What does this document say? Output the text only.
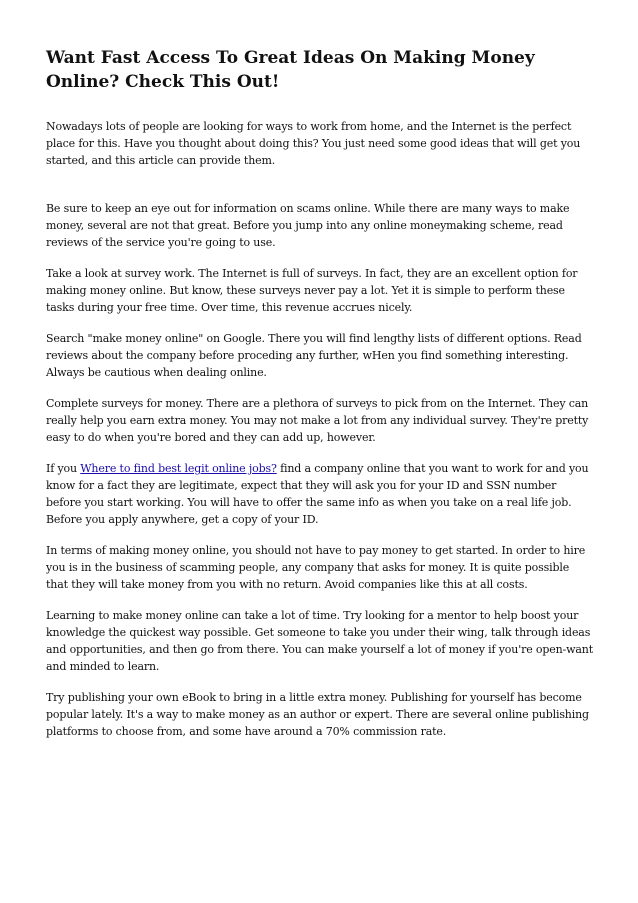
Want Fast Access To Great Ideas On Making Money Online? Check This Out!

Nowadays lots of people are looking for ways to work from home, and the Internet is the perfect place for this. Have you thought about doing this? You just need some good ideas that will get you started, and this article can provide them.

Be sure to keep an eye out for information on scams online. While there are many ways to make money, several are not that great. Before you jump into any online moneymaking scheme, read reviews of the service you're going to use.

Take a look at survey work. The Internet is full of surveys. In fact, they are an excellent option for making money online. But know, these surveys never pay a lot. Yet it is simple to perform these tasks during your free time. Over time, this revenue accrues nicely.

Search "make money online" on Google. There you will find lengthy lists of different options. Read reviews about the company before proceding any further, wHen you find something interesting. Always be cautious when dealing online.

Complete surveys for money. There are a plethora of surveys to pick from on the Internet. They can really help you earn extra money. You may not make a lot from any individual survey. They're pretty easy to do when you're bored and they can add up, however.

If you Where to find best legit online jobs? find a company online that you want to work for and you know for a fact they are legitimate, expect that they will ask you for your ID and SSN number before you start working. You will have to offer the same info as when you take on a real life job. Before you apply anywhere, get a copy of your ID.

In terms of making money online, you should not have to pay money to get started. In order to hire you is in the business of scamming people, any company that asks for money. It is quite possible that they will take money from you with no return. Avoid companies like this at all costs.

Learning to make money online can take a lot of time. Try looking for a mentor to help boost your knowledge the quickest way possible. Get someone to take you under their wing, talk through ideas and opportunities, and then go from there. You can make yourself a lot of money if you're open-want and minded to learn.

Try publishing your own eBook to bring in a little extra money. Publishing for yourself has become popular lately. It's a way to make money as an author or expert. There are several online publishing platforms to choose from, and some have around a 70% commission rate.
